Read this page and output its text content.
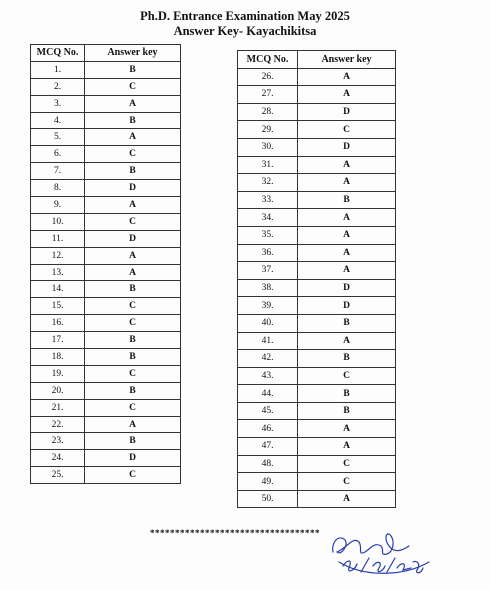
Ph.D. Entrance Examination May 2025
Answer Key- Kayachikitsa
MCQ No.	Answer key
1.	B
2.	C
3.	A
4.	B
5.	A
6.	C
7.	B
8.	D
9.	A
10.	C
11.	D
12.	A
13.	A
14.	B
15.	C
16.	C
17.	B
18.	B
19.	C
20.	B
21.	C
22.	A
23.	B
24.	D
25.	C
MCQ No.	Answer key
26.	A
27.	A
28.	D
29.	C
30.	D
31.	A
32.	A
33.	B
34.	A
35.	A
36.	A
37.	A
38.	D
39.	D
40.	B
41.	A
42.	B
43.	C
44.	B
45.	B
46.	A
47.	A
48.	C
49.	C
50.	A
**********************************
